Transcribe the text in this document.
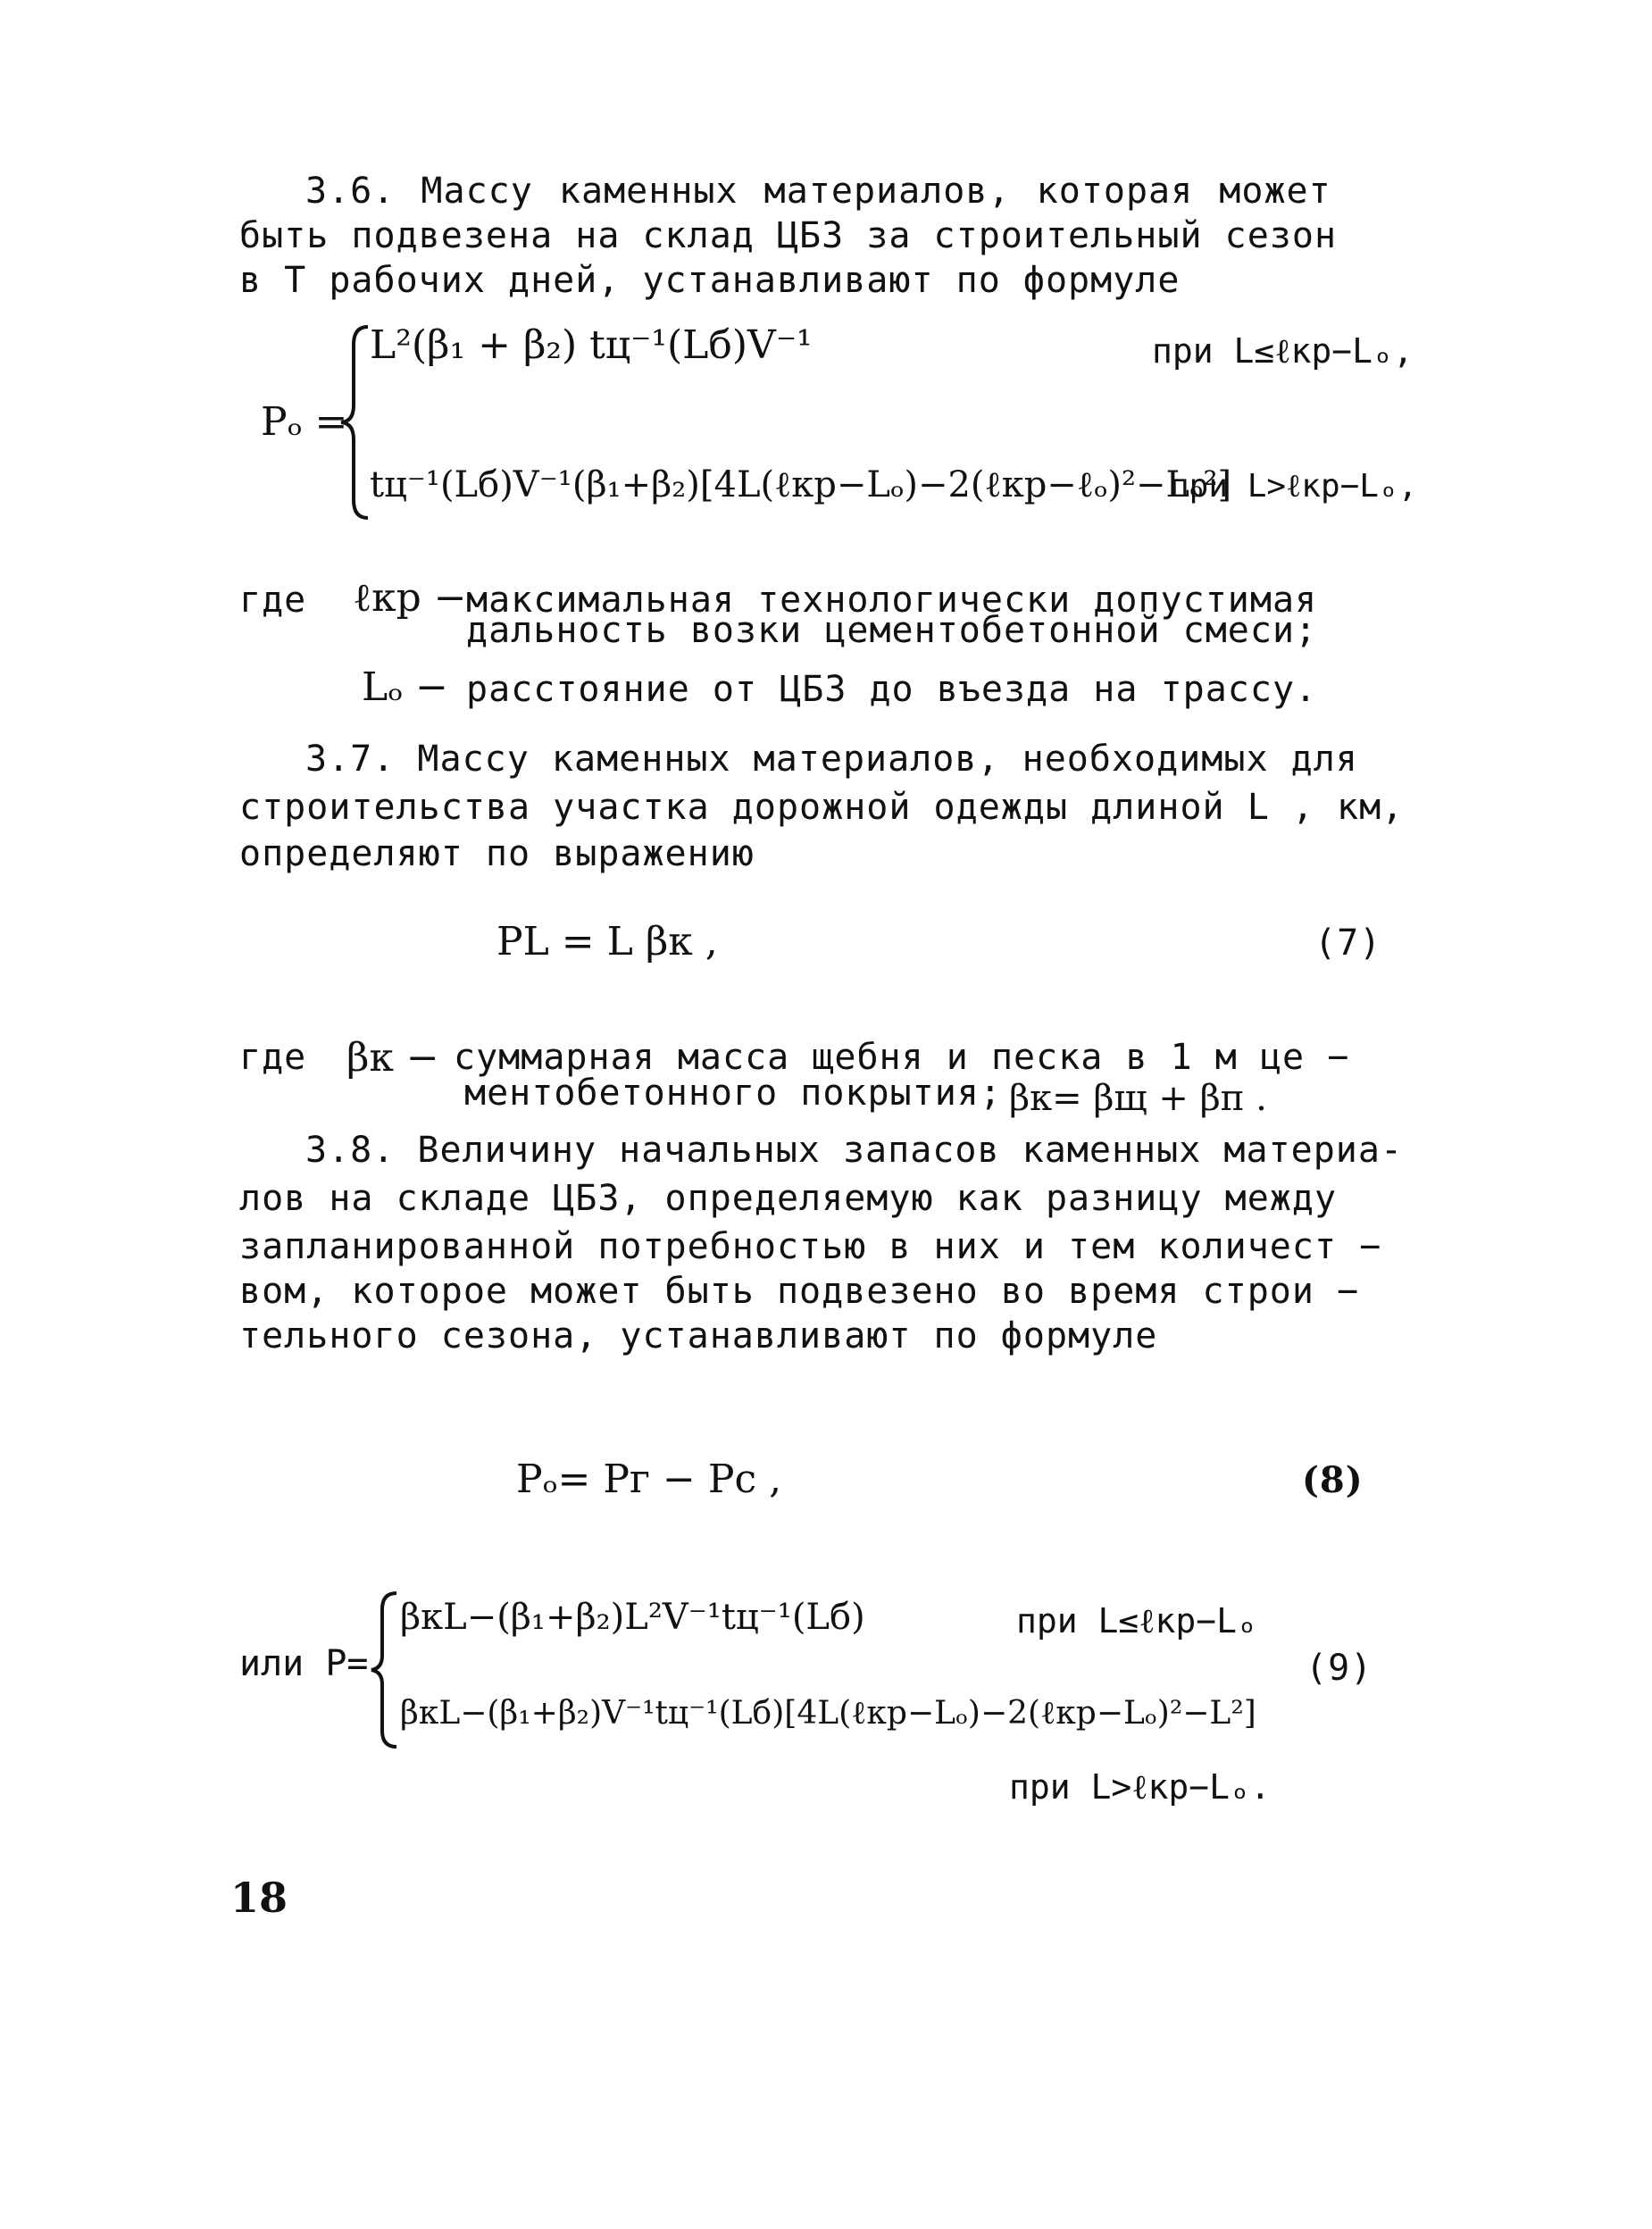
3.6. Массу каменных материалов, которая может
быть подвезена на склад ЦБЗ за строительный сезон
в T рабочих дней, устанавливают по формуле
Pₒ =
L²(β₁ + β₂) tц⁻¹(Lб)V⁻¹	при L≤ℓкр−Lₒ,
tц⁻¹(Lб)V⁻¹(β₁+β₂)[4L(ℓкр−Lₒ)−2(ℓкр−ℓₒ)²−Lₒ²]
при L>ℓкр−Lₒ,
где ℓкр − максимальная технологически допустимая
дальность возки цементобетонной смеси;
Lₒ − расстояние от ЦБЗ до въезда на трассу.
3.7. Массу каменных материалов, необходимых для
строительства участка дорожной одежды длиной L , км,
определяют по выражению
PL = L βк ,	(7)
где βк − суммарная масса щебня и песка в 1 м це −
ментобетонного покрытия; βк= βщ + βп .
3.8. Величину начальных запасов каменных материа-
лов на складе ЦБЗ, определяемую как разницу между
запланированной потребностью в них и тем количест −
вом, которое может быть подвезено во время строи −
тельного сезона, устанавливают по формуле
Pₒ= Pг − Pс ,	(8)
или P=
βкL−(β₁+β₂)L²V⁻¹tц⁻¹(Lб)	при L≤ℓкр−Lₒ
βкL−(β₁+β₂)V⁻¹tц⁻¹(Lб)[4L(ℓкр−Lₒ)−2(ℓкр−Lₒ)²−L²]
(9)
при L>ℓкр−Lₒ.
18
